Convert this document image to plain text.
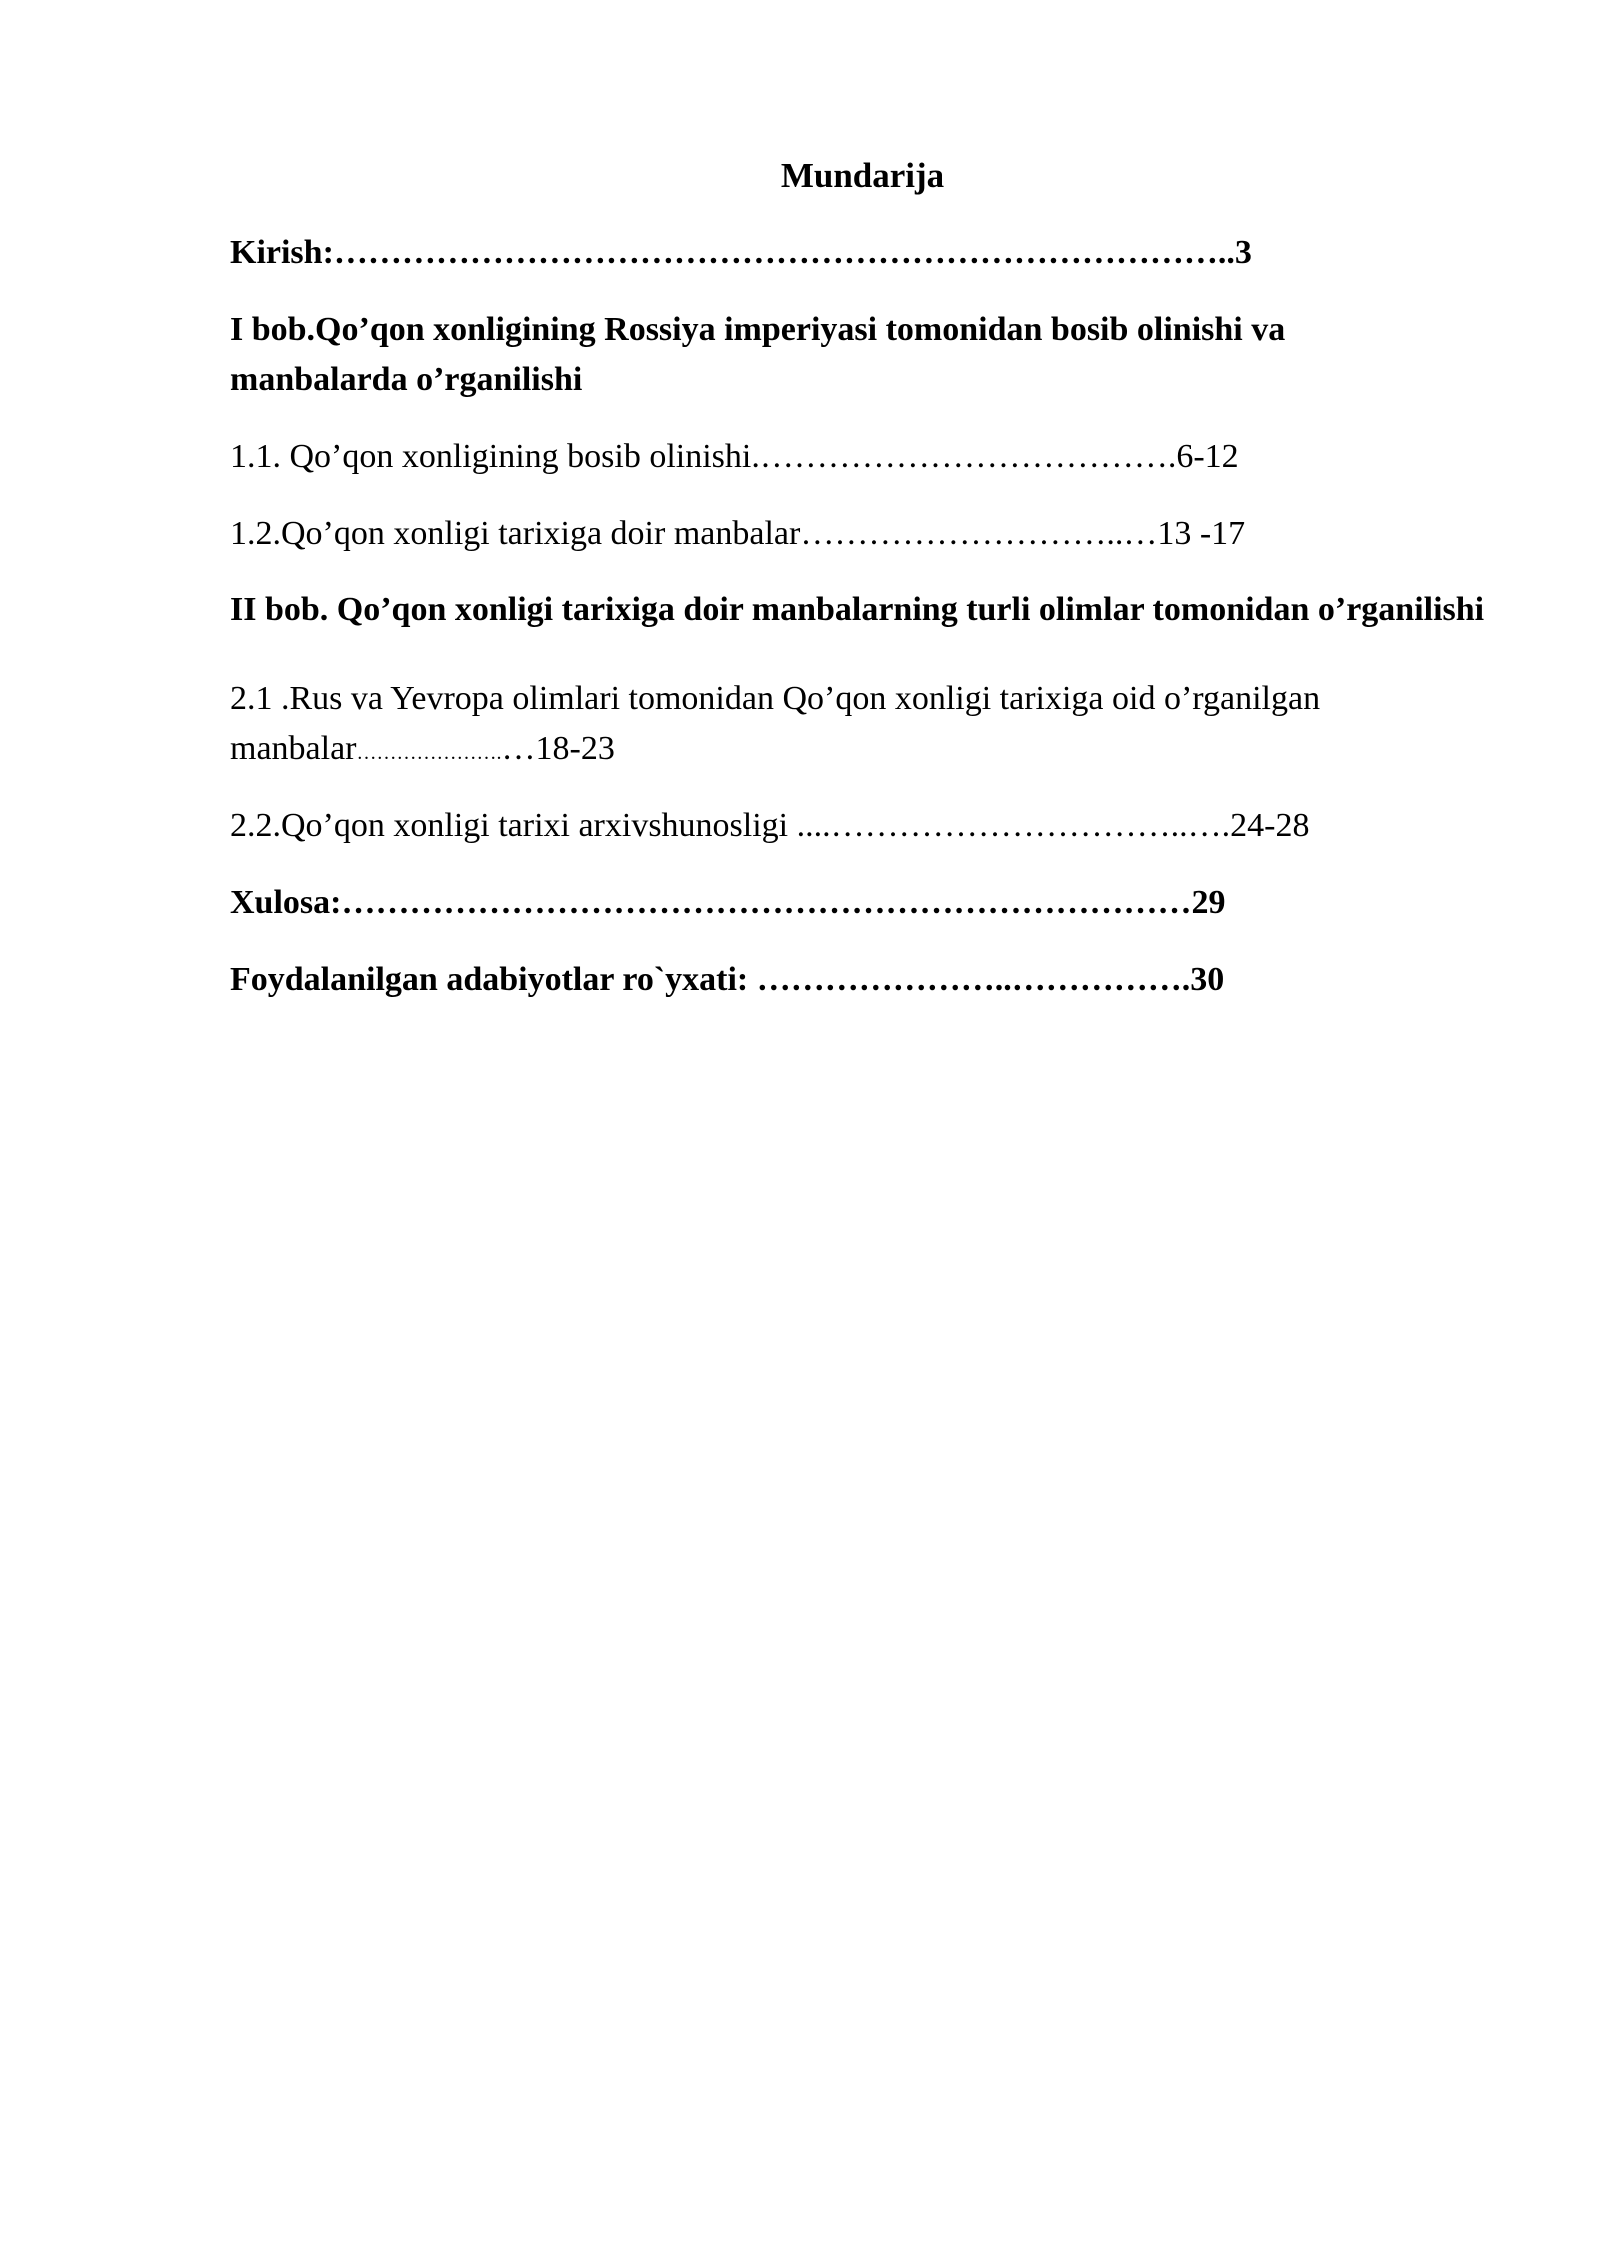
Mundarija
Kirish:……………………………………………………………………..3
I bob.Qo’qon xonligining Rossiya imperiyasi tomonidan bosib olinishi va
manbalarda o’rganilishi
1.1. Qo’qon xonligining bosib olinishi.……………………………….6-12
1.2.Qo’qon xonligi tarixiga doir manbalar………………………..…13 -17
II bob. Qo’qon xonligi tarixiga doir manbalarning turli olimlar tomonidan o’rganilishi
2.1 .Rus va Yevropa olimlari tomonidan Qo’qon xonligi tarixiga oid o’rganilgan
manbalar………………….…18-23
2.2.Qo’qon xonligi tarixi arxivshunosligi ....…………………………..….24-28
Xulosa:…………………………………………………………………29
Foydalanilgan adabiyotlar ro`yxati: …………………..…………….30
